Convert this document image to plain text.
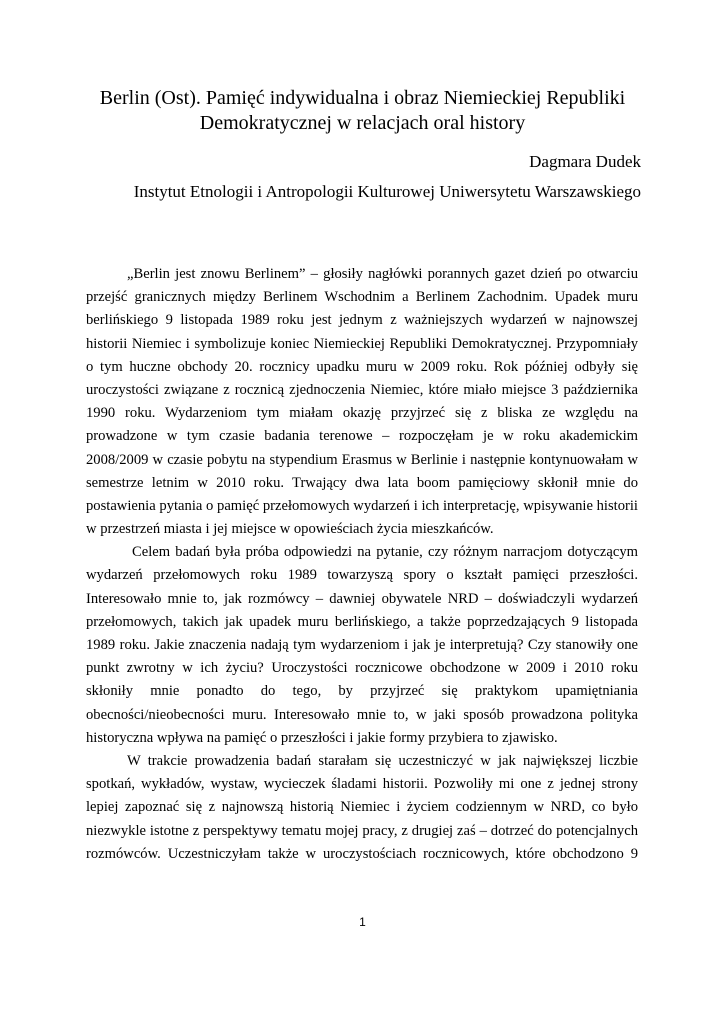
Berlin (Ost). Pamięć indywidualna i obraz Niemieckiej Republiki
Demokratycznej w relacjach oral history

Dagmara Dudek

Instytut Etnologii i Antropologii Kulturowej Uniwersytetu Warszawskiego

„Berlin jest znowu Berlinem” – głosiły nagłówki porannych gazet dzień po otwarciu
przejść granicznych między Berlinem Wschodnim a Berlinem Zachodnim. Upadek muru
berlińskiego 9 listopada 1989 roku jest jednym z ważniejszych wydarzeń w najnowszej
historii Niemiec i symbolizuje koniec Niemieckiej Republiki Demokratycznej. Przypomniały
o tym huczne obchody 20. rocznicy upadku muru w 2009 roku. Rok później odbyły się
uroczystości związane z rocznicą zjednoczenia Niemiec, które miało miejsce 3 października
1990 roku. Wydarzeniom tym miałam okazję przyjrzeć się z bliska ze względu na
prowadzone w tym czasie badania terenowe – rozpoczęłam je w roku akademickim
2008/2009 w czasie pobytu na stypendium Erasmus w Berlinie i następnie kontynuowałam w
semestrze letnim w 2010 roku. Trwający dwa lata boom pamięciowy skłonił mnie do
postawienia pytania o pamięć przełomowych wydarzeń i ich interpretację, wpisywanie historii
w przestrzeń miasta i jej miejsce w opowieściach życia mieszkańców.

Celem badań była próba odpowiedzi na pytanie, czy różnym narracjom dotyczącym
wydarzeń przełomowych roku 1989 towarzyszą spory o kształt pamięci przeszłości.
Interesowało mnie to, jak rozmówcy – dawniej obywatele NRD – doświadczyli wydarzeń
przełomowych, takich jak upadek muru berlińskiego, a także poprzedzających 9 listopada
1989 roku. Jakie znaczenia nadają tym wydarzeniom i jak je interpretują? Czy stanowiły one
punkt zwrotny w ich życiu? Uroczystości rocznicowe obchodzone w 2009 i 2010 roku
skłoniły mnie ponadto do tego, by przyjrzeć się praktykom upamiętniania
obecności/nieobecności muru. Interesowało mnie to, w jaki sposób prowadzona polityka
historyczna wpływa na pamięć o przeszłości i jakie formy przybiera to zjawisko.

W trakcie prowadzenia badań starałam się uczestniczyć w jak największej liczbie
spotkań, wykładów, wystaw, wycieczek śladami historii. Pozwoliły mi one z jednej strony
lepiej zapoznać się z najnowszą historią Niemiec i życiem codziennym w NRD, co było
niezwykle istotne z perspektywy tematu mojej pracy, z drugiej zaś – dotrzeć do potencjalnych
rozmówców. Uczestniczyłam także w uroczystościach rocznicowych, które obchodzono 9

1
